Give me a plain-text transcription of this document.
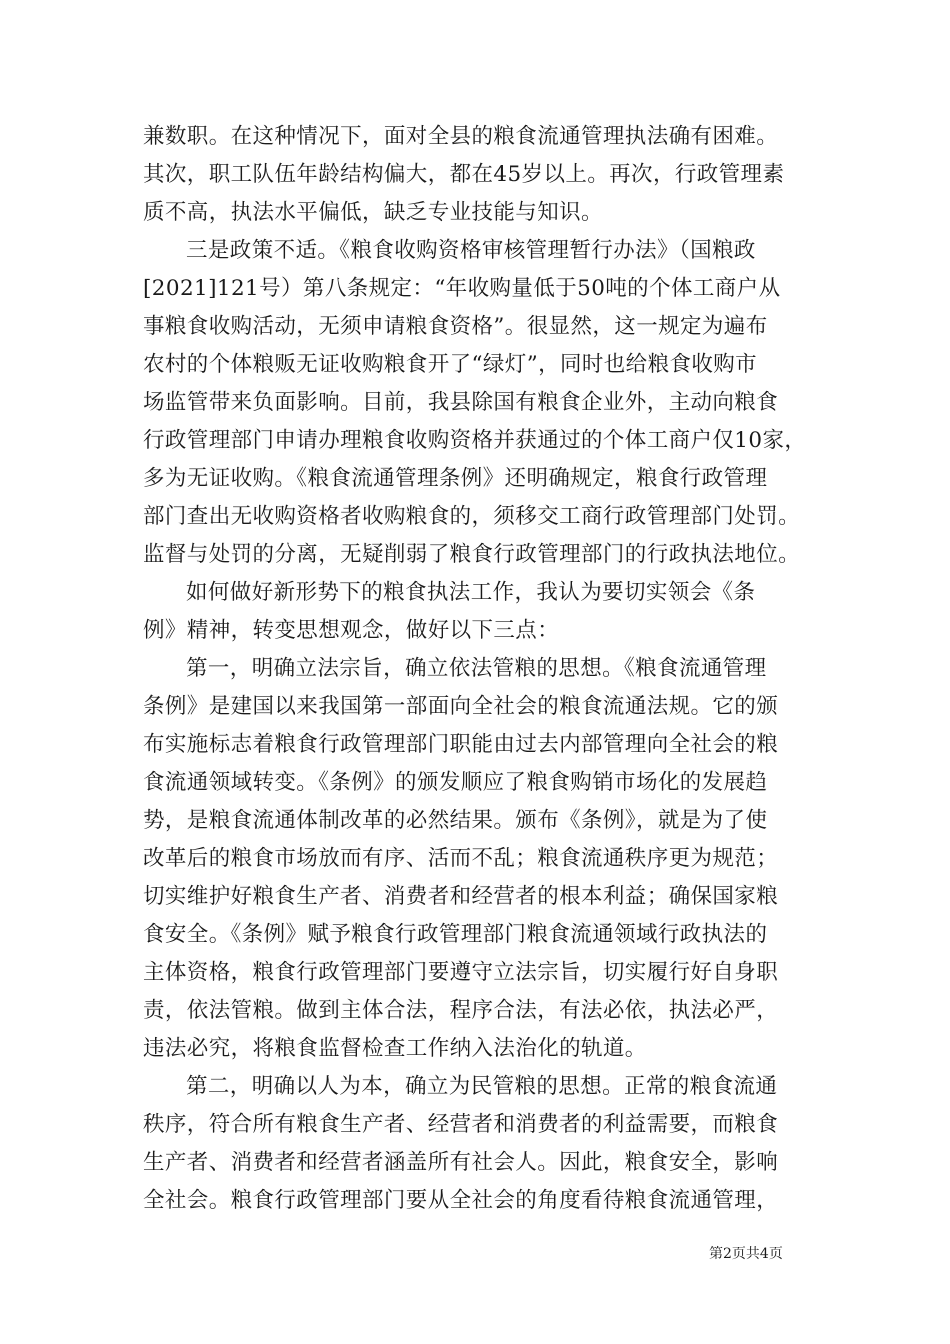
兼数职。在这种情况下，面对全县的粮食流通管理执法确有困难。
其次，职工队伍年龄结构偏大，都在45岁以上。再次，行政管理素
质不高，执法水平偏低，缺乏专业技能与知识。
三是政策不适。《粮食收购资格审核管理暂行办法》（国粮政
[2021]121号）第八条规定：“年收购量低于50吨的个体工商户从
事粮食收购活动，无须申请粮食资格”。很显然，这一规定为遍布
农村的个体粮贩无证收购粮食开了“绿灯”，同时也给粮食收购市
场监管带来负面影响。目前，我县除国有粮食企业外，主动向粮食
行政管理部门申请办理粮食收购资格并获通过的个体工商户仅10家，
多为无证收购。《粮食流通管理条例》还明确规定，粮食行政管理
部门查出无收购资格者收购粮食的，须移交工商行政管理部门处罚。
监督与处罚的分离，无疑削弱了粮食行政管理部门的行政执法地位。
如何做好新形势下的粮食执法工作，我认为要切实领会《条
例》精神，转变思想观念，做好以下三点：
第一，明确立法宗旨，确立依法管粮的思想。《粮食流通管理
条例》是建国以来我国第一部面向全社会的粮食流通法规。它的颁
布实施标志着粮食行政管理部门职能由过去内部管理向全社会的粮
食流通领域转变。《条例》的颁发顺应了粮食购销市场化的发展趋
势，是粮食流通体制改革的必然结果。颁布《条例》，就是为了使
改革后的粮食市场放而有序、活而不乱；粮食流通秩序更为规范；
切实维护好粮食生产者、消费者和经营者的根本利益；确保国家粮
食安全。《条例》赋予粮食行政管理部门粮食流通领域行政执法的
主体资格，粮食行政管理部门要遵守立法宗旨，切实履行好自身职
责，依法管粮。做到主体合法，程序合法，有法必依，执法必严，
违法必究，将粮食监督检查工作纳入法治化的轨道。
第二，明确以人为本，确立为民管粮的思想。正常的粮食流通
秩序，符合所有粮食生产者、经营者和消费者的利益需要，而粮食
生产者、消费者和经营者涵盖所有社会人。因此，粮食安全，影响
全社会。粮食行政管理部门要从全社会的角度看待粮食流通管理，
第2页共4页
